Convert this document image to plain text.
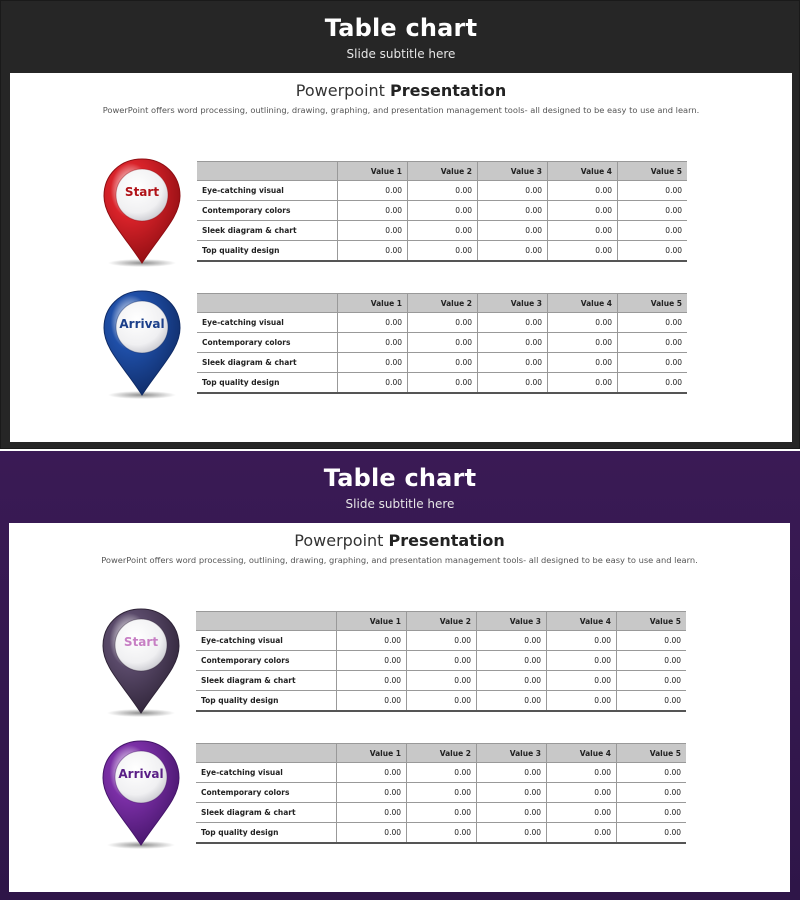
Table chart
Slide subtitle here
Powerpoint Presentation
PowerPoint offers word processing, outlining, drawing, graphing, and presentation management tools- all designed to be easy to use and learn.
Start
	Value 1	Value 2	Value 3	Value 4	Value 5
Eye-catching visual	0.00	0.00	0.00	0.00	0.00
Contemporary colors	0.00	0.00	0.00	0.00	0.00
Sleek diagram & chart	0.00	0.00	0.00	0.00	0.00
Top quality design	0.00	0.00	0.00	0.00	0.00
Arrival
	Value 1	Value 2	Value 3	Value 4	Value 5
Eye-catching visual	0.00	0.00	0.00	0.00	0.00
Contemporary colors	0.00	0.00	0.00	0.00	0.00
Sleek diagram & chart	0.00	0.00	0.00	0.00	0.00
Top quality design	0.00	0.00	0.00	0.00	0.00
Table chart
Slide subtitle here
Powerpoint Presentation
PowerPoint offers word processing, outlining, drawing, graphing, and presentation management tools- all designed to be easy to use and learn.
Start
	Value 1	Value 2	Value 3	Value 4	Value 5
Eye-catching visual	0.00	0.00	0.00	0.00	0.00
Contemporary colors	0.00	0.00	0.00	0.00	0.00
Sleek diagram & chart	0.00	0.00	0.00	0.00	0.00
Top quality design	0.00	0.00	0.00	0.00	0.00
Arrival
	Value 1	Value 2	Value 3	Value 4	Value 5
Eye-catching visual	0.00	0.00	0.00	0.00	0.00
Contemporary colors	0.00	0.00	0.00	0.00	0.00
Sleek diagram & chart	0.00	0.00	0.00	0.00	0.00
Top quality design	0.00	0.00	0.00	0.00	0.00
